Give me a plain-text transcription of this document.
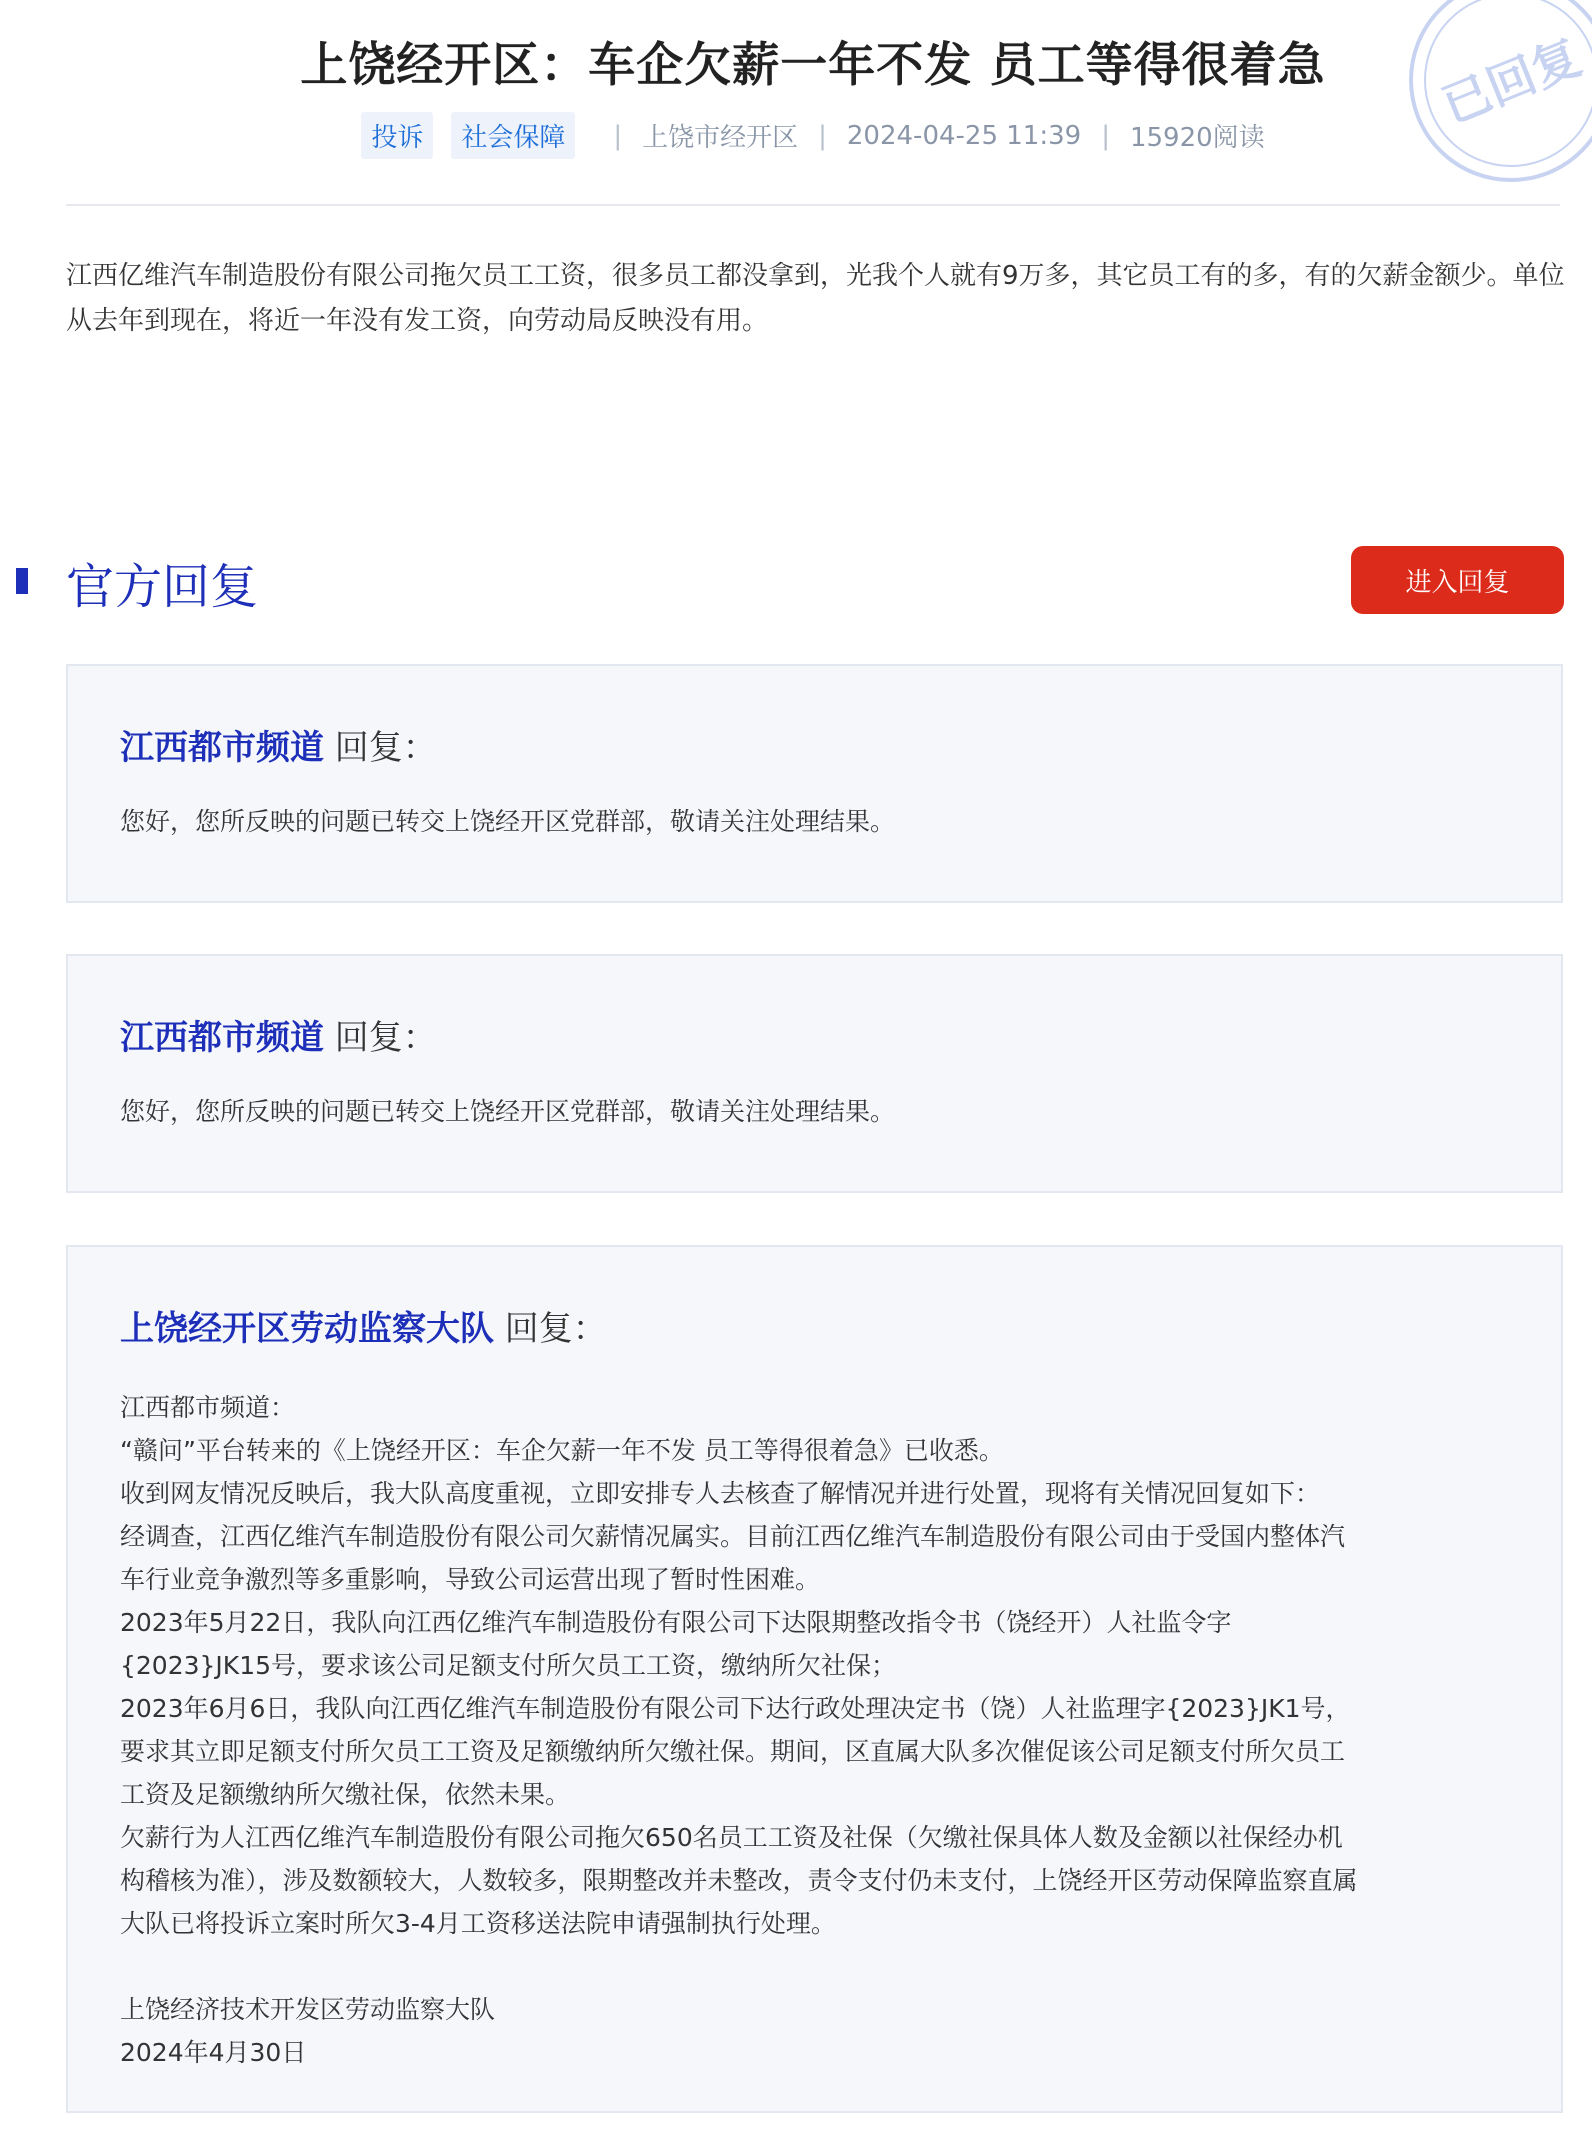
上饶经开区：车企欠薪一年不发 员工等得很着急
投诉	社会保障	| 上饶市经开区 | 2024-04-25 11:39 | 15920阅读
已回复

江西亿维汽车制造股份有限公司拖欠员工工资，很多员工都没拿到，光我个人就有9万多，其它员工有的多，有的欠薪金额少。单位从去年到现在，将近一年没有发工资，向劳动局反映没有用。

官方回复	进入回复
江西都市频道 回复：
您好，您所反映的问题已转交上饶经开区党群部，敬请关注处理结果。
江西都市频道 回复：
您好，您所反映的问题已转交上饶经开区党群部，敬请关注处理结果。
上饶经开区劳动监察大队 回复：
江西都市频道：
“赣问”平台转来的《上饶经开区：车企欠薪一年不发 员工等得很着急》已收悉。
收到网友情况反映后，我大队高度重视，立即安排专人去核查了解情况并进行处置，现将有关情况回复如下：
经调查，江西亿维汽车制造股份有限公司欠薪情况属实。目前江西亿维汽车制造股份有限公司由于受国内整体汽
车行业竞争激烈等多重影响，导致公司运营出现了暂时性困难。
2023年5月22日，我队向江西亿维汽车制造股份有限公司下达限期整改指令书（饶经开）人社监令字
{2023}JK15号，要求该公司足额支付所欠员工工资，缴纳所欠社保；
2023年6月6日，我队向江西亿维汽车制造股份有限公司下达行政处理决定书（饶）人社监理字{2023}JK1号，
要求其立即足额支付所欠员工工资及足额缴纳所欠缴社保。期间，区直属大队多次催促该公司足额支付所欠员工
工资及足额缴纳所欠缴社保，依然未果。
欠薪行为人江西亿维汽车制造股份有限公司拖欠650名员工工资及社保（欠缴社保具体人数及金额以社保经办机
构稽核为准），涉及数额较大，人数较多，限期整改并未整改，责令支付仍未支付，上饶经开区劳动保障监察直属
大队已将投诉立案时所欠3-4月工资移送法院申请强制执行处理。
上饶经济技术开发区劳动监察大队
2024年4月30日
